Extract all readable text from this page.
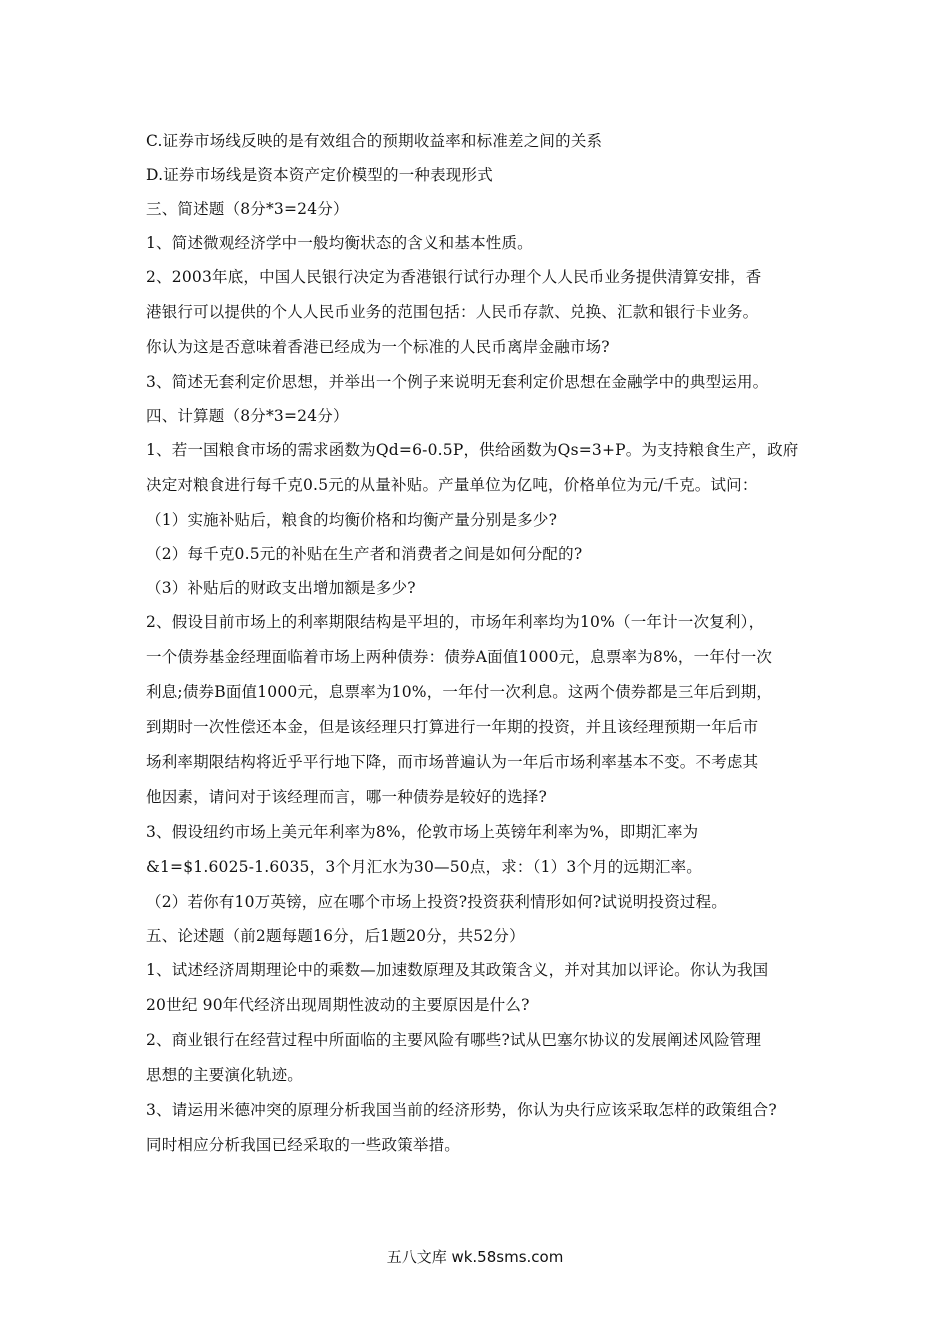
C.证券市场线反映的是有效组合的预期收益率和标准差之间的关系
D.证券市场线是资本资产定价模型的一种表现形式
三、简述题（8分*3=24分）
1、简述微观经济学中一般均衡状态的含义和基本性质。
2、2003年底，中国人民银行决定为香港银行试行办理个人人民币业务提供清算安排，香
港银行可以提供的个人人民币业务的范围包括：人民币存款、兑换、汇款和银行卡业务。
你认为这是否意味着香港已经成为一个标准的人民币离岸金融市场?
3、简述无套利定价思想，并举出一个例子来说明无套利定价思想在金融学中的典型运用。
四、计算题（8分*3=24分）
1、若一国粮食市场的需求函数为Qd=6-0.5P，供给函数为Qs=3+P。为支持粮食生产，政府
决定对粮食进行每千克0.5元的从量补贴。产量单位为亿吨，价格单位为元/千克。试问：
（1）实施补贴后，粮食的均衡价格和均衡产量分别是多少?
（2）每千克0.5元的补贴在生产者和消费者之间是如何分配的?
（3）补贴后的财政支出增加额是多少?
2、假设目前市场上的利率期限结构是平坦的，市场年利率均为10%（一年计一次复利），
一个债券基金经理面临着市场上两种债券：债券A面值1000元，息票率为8%，一年付一次
利息;债券B面值1000元，息票率为10%，一年付一次利息。这两个债券都是三年后到期，
到期时一次性偿还本金，但是该经理只打算进行一年期的投资，并且该经理预期一年后市
场利率期限结构将近乎平行地下降，而市场普遍认为一年后市场利率基本不变。不考虑其
他因素，请问对于该经理而言，哪一种债券是较好的选择?
3、假设纽约市场上美元年利率为8%，伦敦市场上英镑年利率为%，即期汇率为
&1=$1.6025-1.6035，3个月汇水为30—50点，求：（1）3个月的远期汇率。
（2）若你有10万英镑，应在哪个市场上投资?投资获利情形如何?试说明投资过程。
五、论述题（前2题每题16分，后1题20分，共52分）
1、试述经济周期理论中的乘数—加速数原理及其政策含义，并对其加以评论。你认为我国
20世纪 90年代经济出现周期性波动的主要原因是什么?
2、商业银行在经营过程中所面临的主要风险有哪些?试从巴塞尔协议的发展阐述风险管理
思想的主要演化轨迹。
3、请运用米德冲突的原理分析我国当前的经济形势，你认为央行应该采取怎样的政策组合?
同时相应分析我国已经采取的一些政策举措。
五八文库 wk.58sms.com
